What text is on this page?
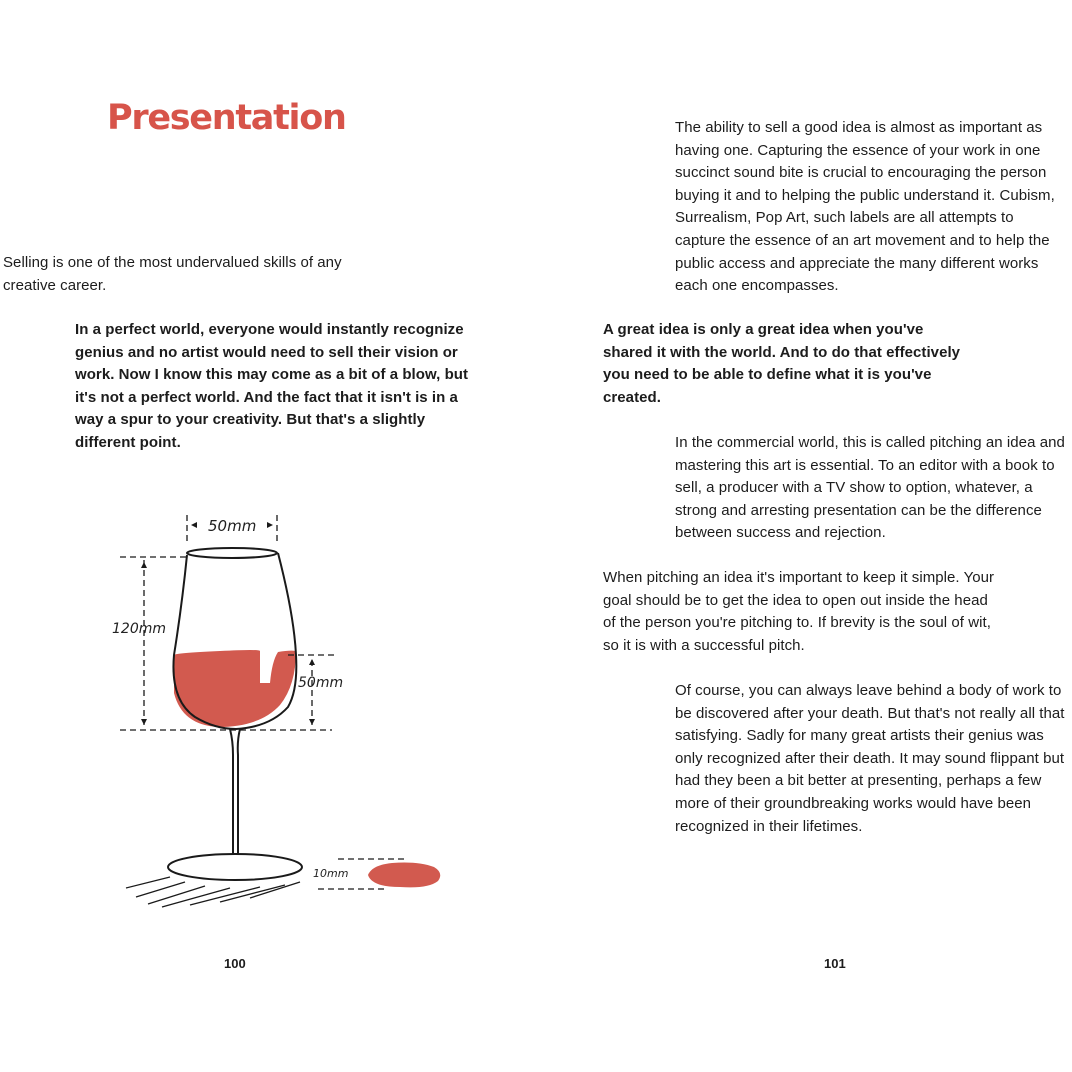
Presentation

Selling is one of the most undervalued skills of any creative career.

In a perfect world, everyone would instantly recognize genius and no artist would need to sell their vision or work. Now I know this may come as a bit of a blow, but it's not a perfect world. And the fact that it isn't is in a way a spur to your creativity. But that's a slightly different point.

50mm
120mm
50mm
10mm

100

The ability to sell a good idea is almost as important as having one. Capturing the essence of your work in one succinct sound bite is crucial to encouraging the person buying it and to helping the public understand it. Cubism, Surrealism, Pop Art, such labels are all attempts to capture the essence of an art movement and to help the public access and appreciate the many different works each one encompasses.

A great idea is only a great idea when you've shared it with the world. And to do that effectively you need to be able to define what it is you've created.

In the commercial world, this is called pitching an idea and mastering this art is essential. To an editor with a book to sell, a producer with a TV show to option, whatever, a strong and arresting presentation can be the difference between success and rejection.

When pitching an idea it's important to keep it simple. Your goal should be to get the idea to open out inside the head of the person you're pitching to. If brevity is the soul of wit, so it is with a successful pitch.

Of course, you can always leave behind a body of work to be discovered after your death. But that's not really all that satisfying. Sadly for many great artists their genius was only recognized after their death. It may sound flippant but had they been a bit better at presenting, perhaps a few more of their groundbreaking works would have been recognized in their lifetimes.

101
